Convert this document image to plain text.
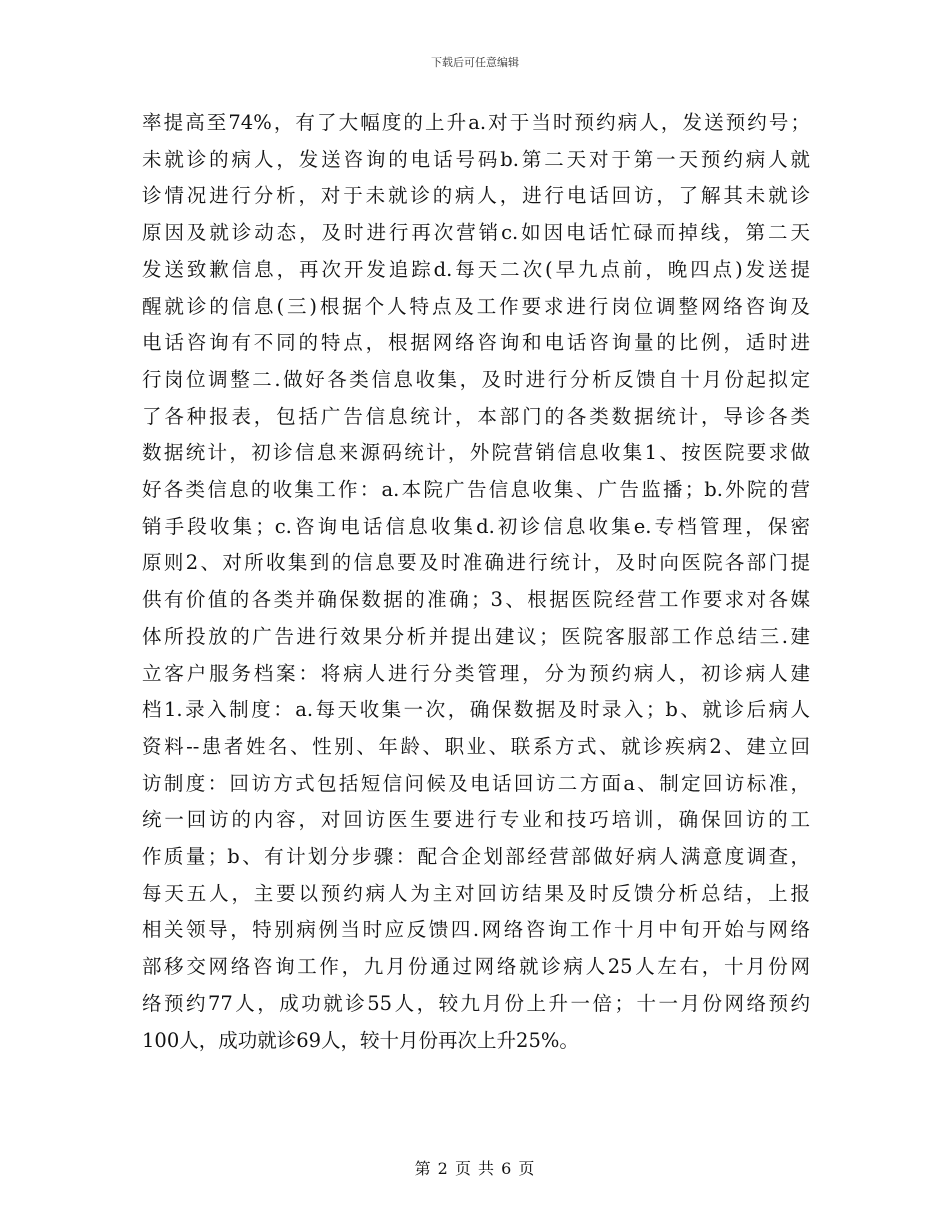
下载后可任意编辑
率提高至74%，有了大幅度的上升a.对于当时预约病人，发送预约号；
未就诊的病人，发送咨询的电话号码b.第二天对于第一天预约病人就
诊情况进行分析，对于未就诊的病人，进行电话回访，了解其未就诊
原因及就诊动态，及时进行再次营销c.如因电话忙碌而掉线，第二天
发送致歉信息，再次开发追踪d.每天二次(早九点前，晚四点)发送提
醒就诊的信息(三)根据个人特点及工作要求进行岗位调整网络咨询及
电话咨询有不同的特点，根据网络咨询和电话咨询量的比例，适时进
行岗位调整二.做好各类信息收集，及时进行分析反馈自十月份起拟定
了各种报表，包括广告信息统计，本部门的各类数据统计，导诊各类
数据统计，初诊信息来源码统计，外院营销信息收集1、按医院要求做
好各类信息的收集工作：a.本院广告信息收集、广告监播；b.外院的营
销手段收集；c.咨询电话信息收集d.初诊信息收集e.专档管理，保密
原则2、对所收集到的信息要及时准确进行统计，及时向医院各部门提
供有价值的各类并确保数据的准确；3、根据医院经营工作要求对各媒
体所投放的广告进行效果分析并提出建议；医院客服部工作总结三.建
立客户服务档案：将病人进行分类管理，分为预约病人，初诊病人建
档1.录入制度：a.每天收集一次，确保数据及时录入；b、就诊后病人
资料--患者姓名、性别、年龄、职业、联系方式、就诊疾病2、建立回
访制度：回访方式包括短信问候及电话回访二方面a、制定回访标准，
统一回访的内容，对回访医生要进行专业和技巧培训，确保回访的工
作质量；b、有计划分步骤：配合企划部经营部做好病人满意度调查，
每天五人，主要以预约病人为主对回访结果及时反馈分析总结，上报
相关领导，特别病例当时应反馈四.网络咨询工作十月中旬开始与网络
部移交网络咨询工作，九月份通过网络就诊病人25人左右，十月份网
络预约77人，成功就诊55人，较九月份上升一倍；十一月份网络预约
100人，成功就诊69人，较十月份再次上升25%。
第 2 页 共 6 页
